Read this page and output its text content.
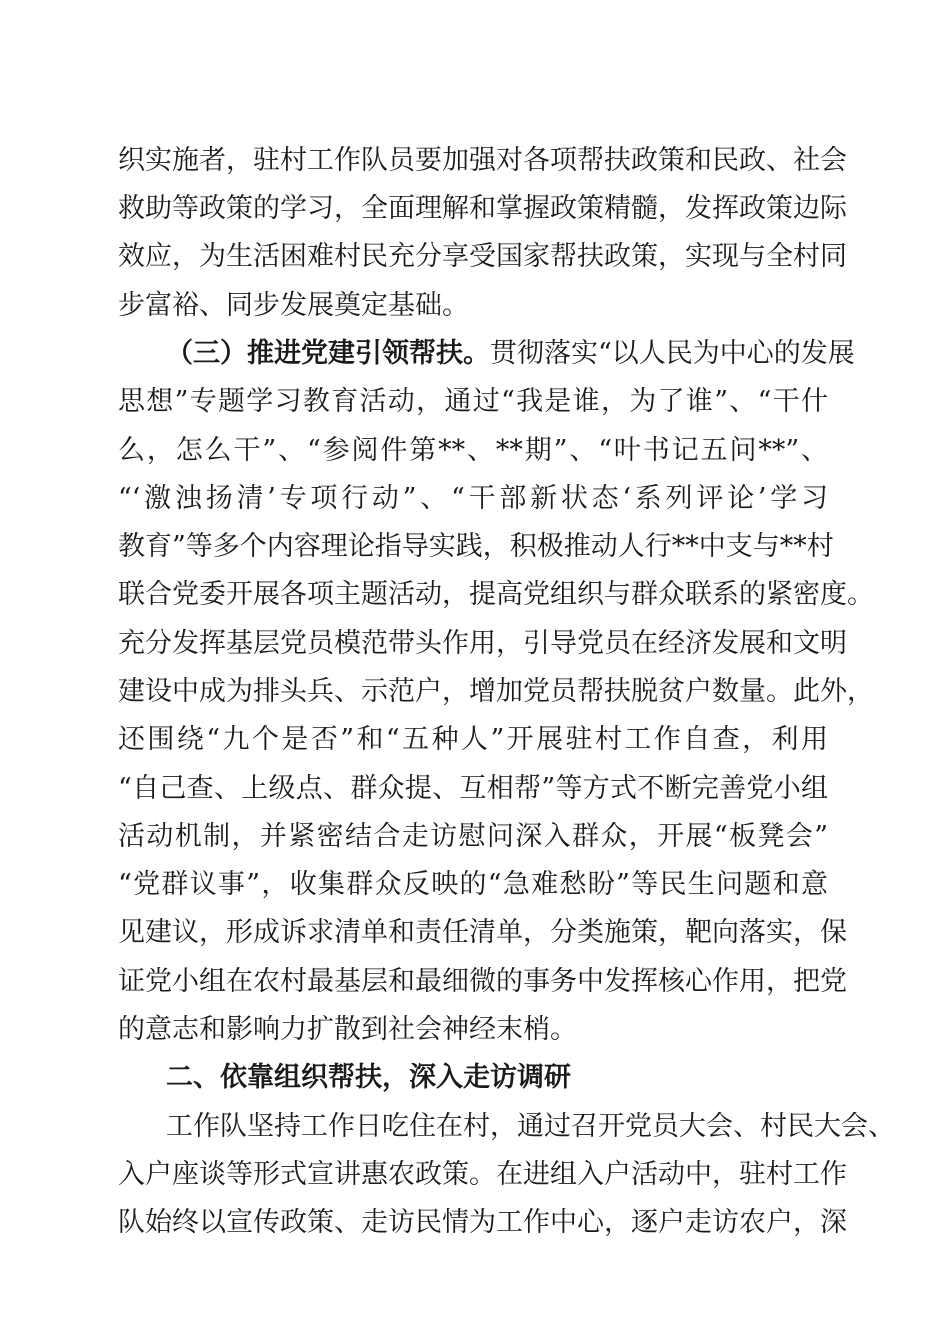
织实施者，驻村工作队员要加强对各项帮扶政策和民政、社会
救助等政策的学习，全面理解和掌握政策精髓，发挥政策边际
效应，为生活困难村民充分享受国家帮扶政策，实现与全村同
步富裕、同步发展奠定基础。
（三）推进党建引领帮扶。贯彻落实“以人民为中心的发展
思想”专题学习教育活动，通过“我是谁，为了谁”、“干什
么，怎么干”、“参阅件第**、**期”、“叶书记五问**”、
“‘激浊扬清’专项行动”、“干部新状态‘系列评论’学习
教育”等多个内容理论指导实践，积极推动人行**中支与**村
联合党委开展各项主题活动，提高党组织与群众联系的紧密度。
充分发挥基层党员模范带头作用，引导党员在经济发展和文明
建设中成为排头兵、示范户，增加党员帮扶脱贫户数量。此外，
还围绕“九个是否”和“五种人”开展驻村工作自查，利用
“自己查、上级点、群众提、互相帮”等方式不断完善党小组
活动机制，并紧密结合走访慰问深入群众，开展“板凳会”
“党群议事”，收集群众反映的“急难愁盼”等民生问题和意
见建议，形成诉求清单和责任清单，分类施策，靶向落实，保
证党小组在农村最基层和最细微的事务中发挥核心作用，把党
的意志和影响力扩散到社会神经末梢。
二、依靠组织帮扶，深入走访调研
工作队坚持工作日吃住在村，通过召开党员大会、村民大会、
入户座谈等形式宣讲惠农政策。在进组入户活动中，驻村工作
队始终以宣传政策、走访民情为工作中心，逐户走访农户，深
